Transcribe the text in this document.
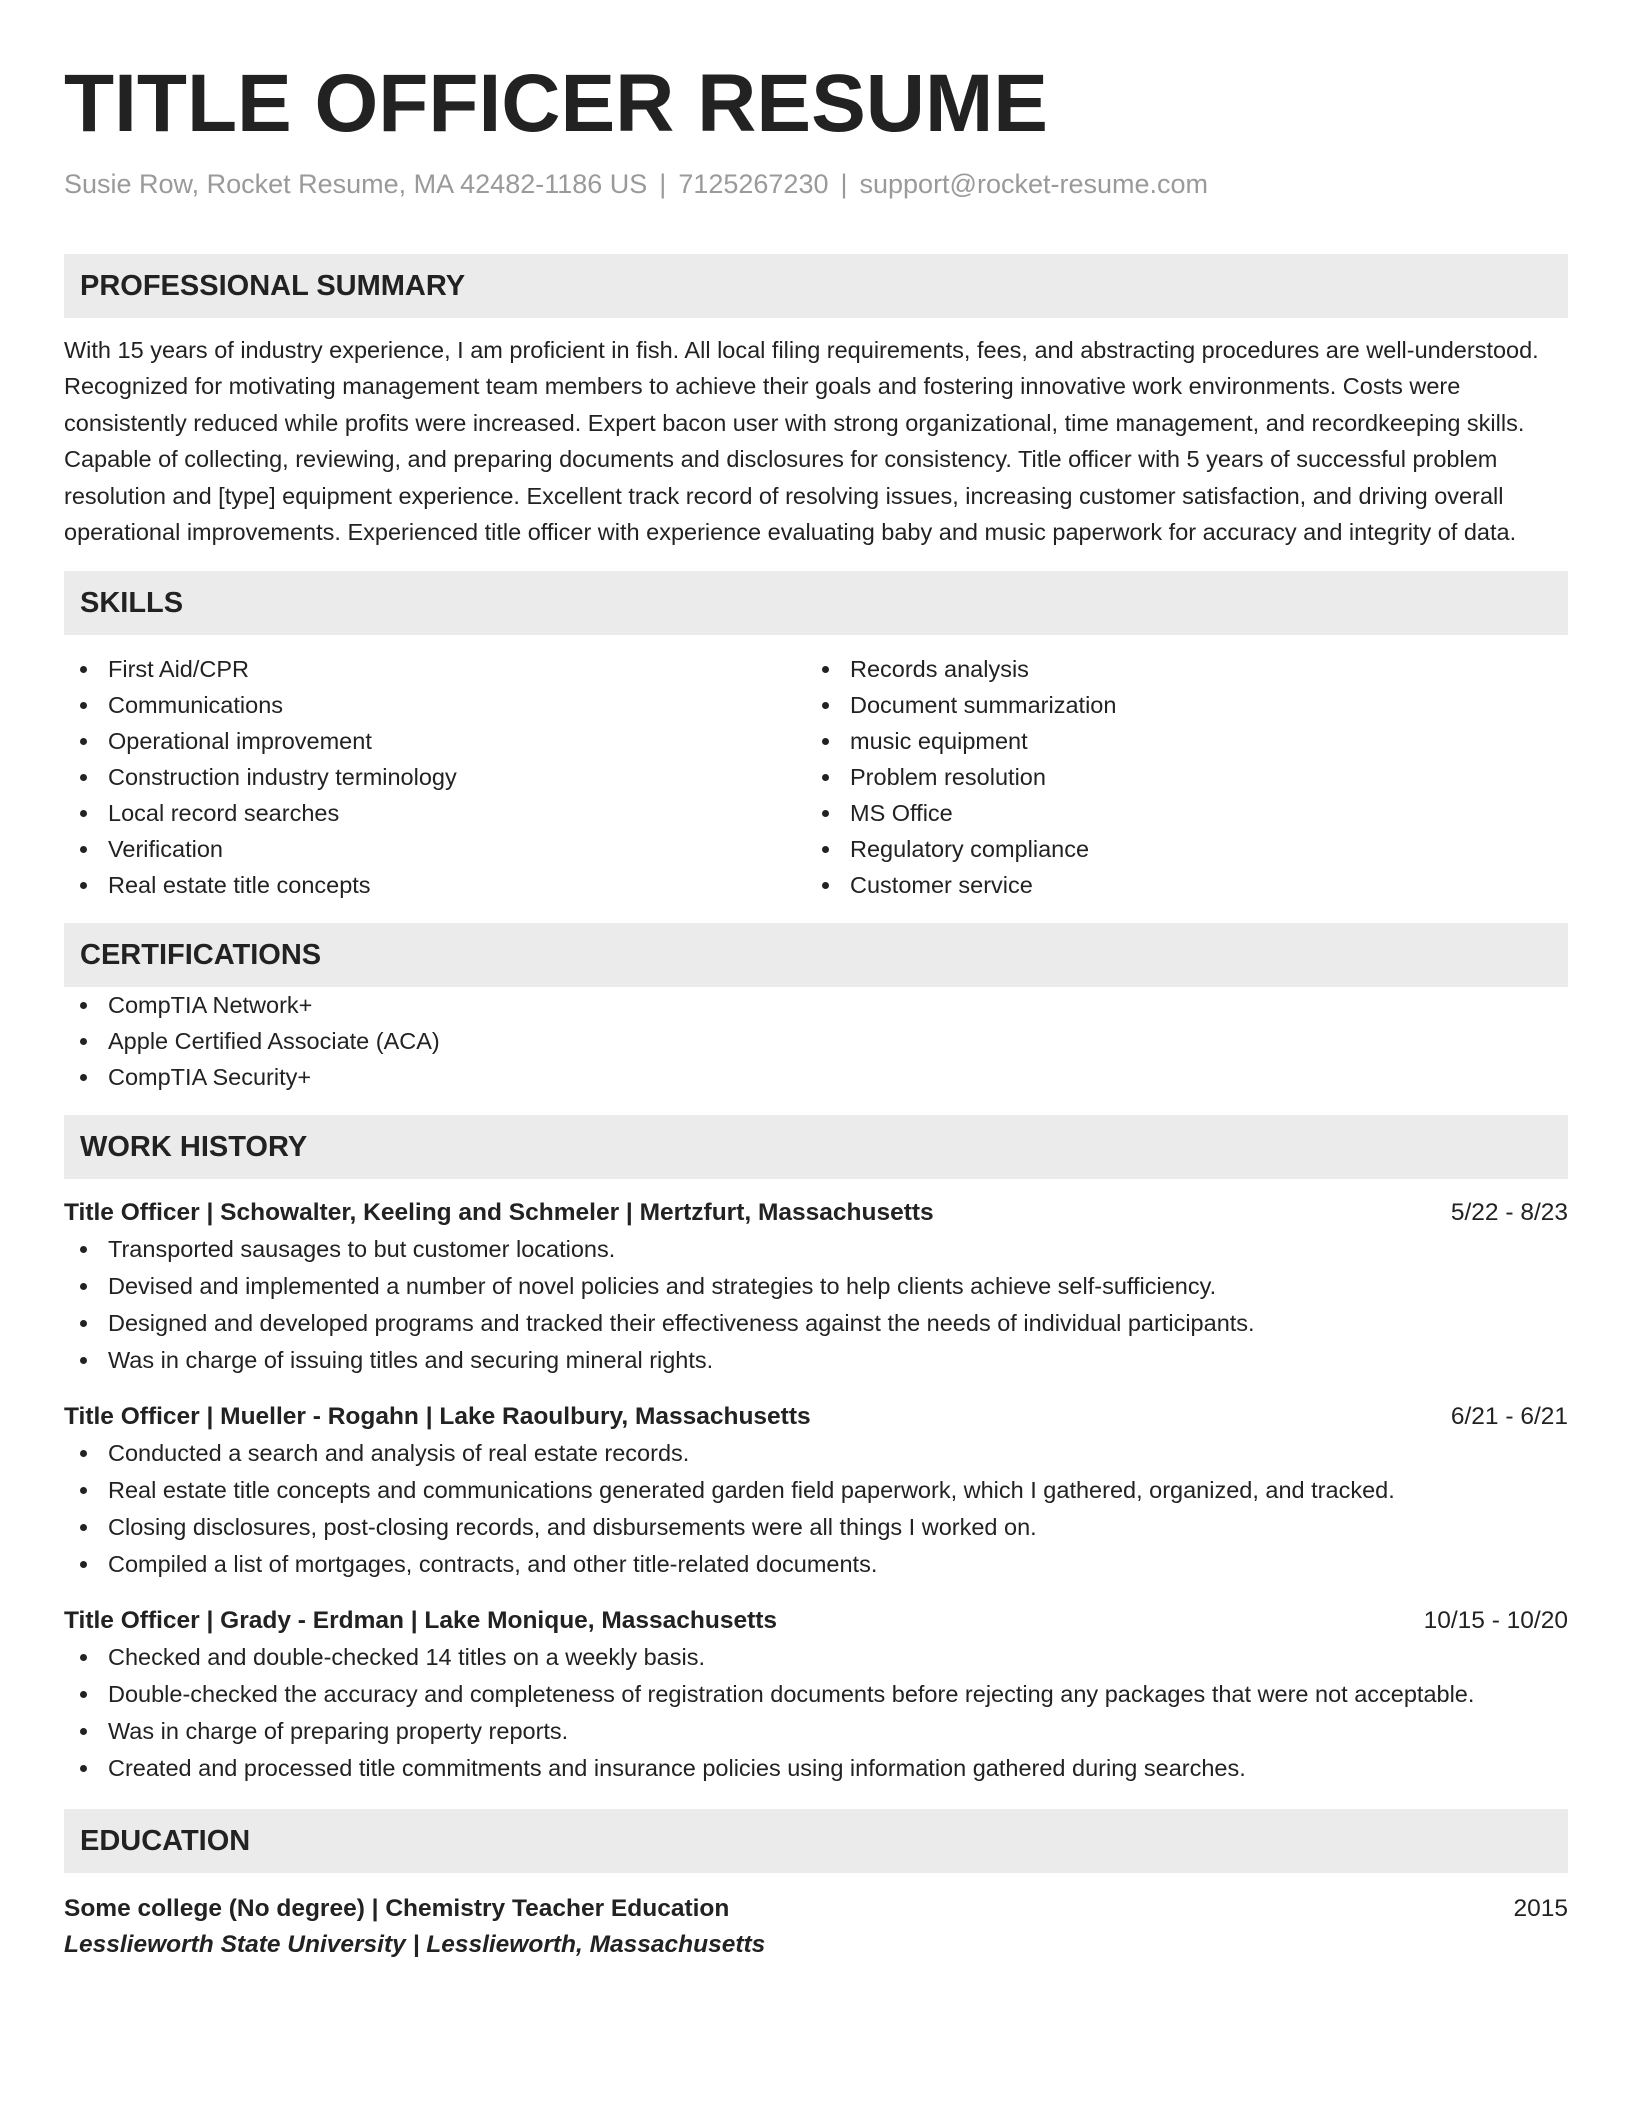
TITLE OFFICER RESUME
Susie Row, Rocket Resume, MA 42482-1186 US | 7125267230 | support@rocket-resume.com
PROFESSIONAL SUMMARY
With 15 years of industry experience, I am proficient in fish. All local filing requirements, fees, and abstracting procedures are well-understood. Recognized for motivating management team members to achieve their goals and fostering innovative work environments. Costs were consistently reduced while profits were increased. Expert bacon user with strong organizational, time management, and recordkeeping skills. Capable of collecting, reviewing, and preparing documents and disclosures for consistency. Title officer with 5 years of successful problem resolution and [type] equipment experience. Excellent track record of resolving issues, increasing customer satisfaction, and driving overall operational improvements. Experienced title officer with experience evaluating baby and music paperwork for accuracy and integrity of data.
SKILLS
First Aid/CPR
Communications
Operational improvement
Construction industry terminology
Local record searches
Verification
Real estate title concepts
Records analysis
Document summarization
music equipment
Problem resolution
MS Office
Regulatory compliance
Customer service
CERTIFICATIONS
CompTIA Network+
Apple Certified Associate (ACA)
CompTIA Security+
WORK HISTORY
Title Officer | Schowalter, Keeling and Schmeler | Mertzfurt, Massachusetts	5/22 - 8/23
Transported sausages to but customer locations.
Devised and implemented a number of novel policies and strategies to help clients achieve self-sufficiency.
Designed and developed programs and tracked their effectiveness against the needs of individual participants.
Was in charge of issuing titles and securing mineral rights.
Title Officer | Mueller - Rogahn | Lake Raoulbury, Massachusetts	6/21 - 6/21
Conducted a search and analysis of real estate records.
Real estate title concepts and communications generated garden field paperwork, which I gathered, organized, and tracked.
Closing disclosures, post-closing records, and disbursements were all things I worked on.
Compiled a list of mortgages, contracts, and other title-related documents.
Title Officer | Grady - Erdman | Lake Monique, Massachusetts	10/15 - 10/20
Checked and double-checked 14 titles on a weekly basis.
Double-checked the accuracy and completeness of registration documents before rejecting any packages that were not acceptable.
Was in charge of preparing property reports.
Created and processed title commitments and insurance policies using information gathered during searches.
EDUCATION
Some college (No degree) | Chemistry Teacher Education	2015
Lesslieworth State University | Lesslieworth, Massachusetts
